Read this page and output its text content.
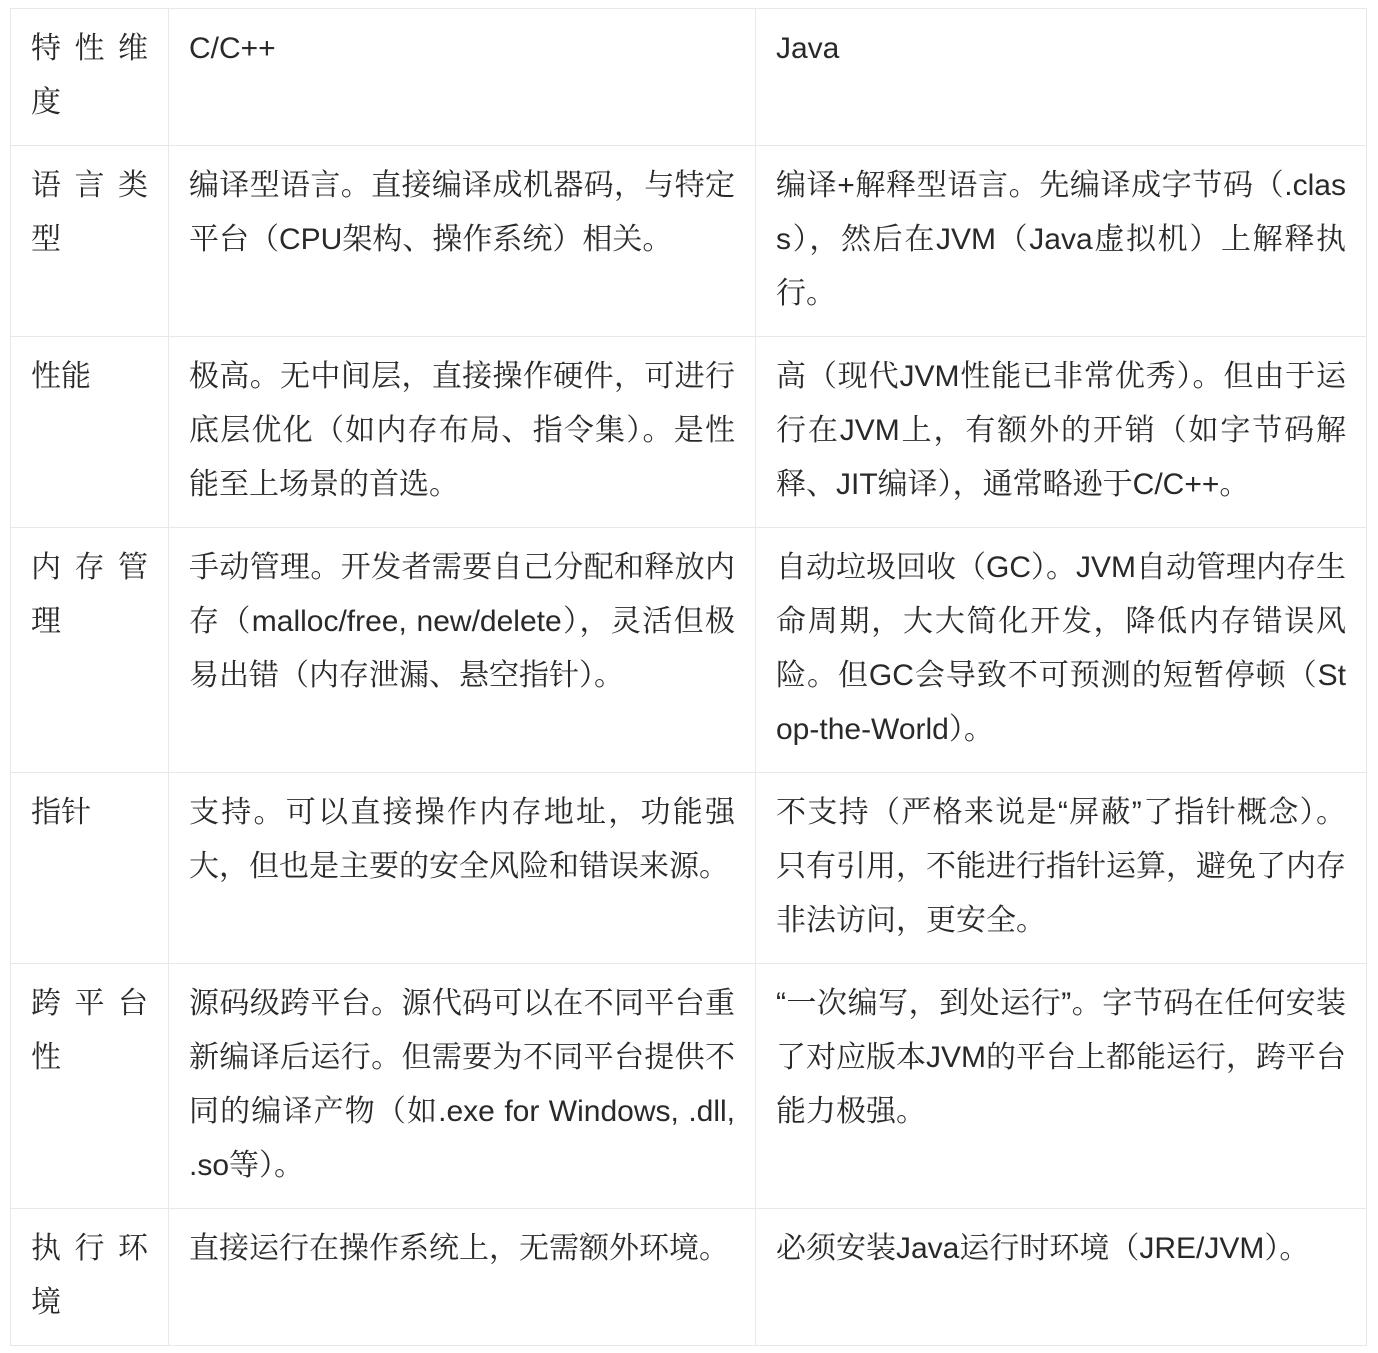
特性维度	C/C++	Java
语言类型	编译型语言。直接编译成机器码，与特定平台（CPU架构、操作系统）相关。	编译+解释型语言。先编译成字节码（.class），然后在JVM（Java虚拟机）上解释执行。
性能	极高。无中间层，直接操作硬件，可进行底层优化（如内存布局、指令集）。是性能至上场景的首选。	高（现代JVM性能已非常优秀）。但由于运行在JVM上，有额外的开销（如字节码解释、JIT编译），通常略逊于C/C++。
内存管理	手动管理。开发者需要自己分配和释放内存（malloc/free, new/delete），灵活但极易出错（内存泄漏、悬空指针）。	自动垃圾回收（GC）。JVM自动管理内存生命周期，大大简化开发，降低内存错误风险。但GC会导致不可预测的短暂停顿（Stop-the-World）。
指针	支持。可以直接操作内存地址，功能强大，但也是主要的安全风险和错误来源。	不支持（严格来说是“屏蔽”了指针概念）。只有引用，不能进行指针运算，避免了内存非法访问，更安全。
跨平台性	源码级跨平台。源代码可以在不同平台重新编译后运行。但需要为不同平台提供不同的编译产物（如.exe for Windows, .dll, .so等）。	“一次编写，到处运行”。字节码在任何安装了对应版本JVM的平台上都能运行，跨平台能力极强。
执行环境	直接运行在操作系统上，无需额外环境。	必须安装Java运行时环境（JRE/JVM）。
